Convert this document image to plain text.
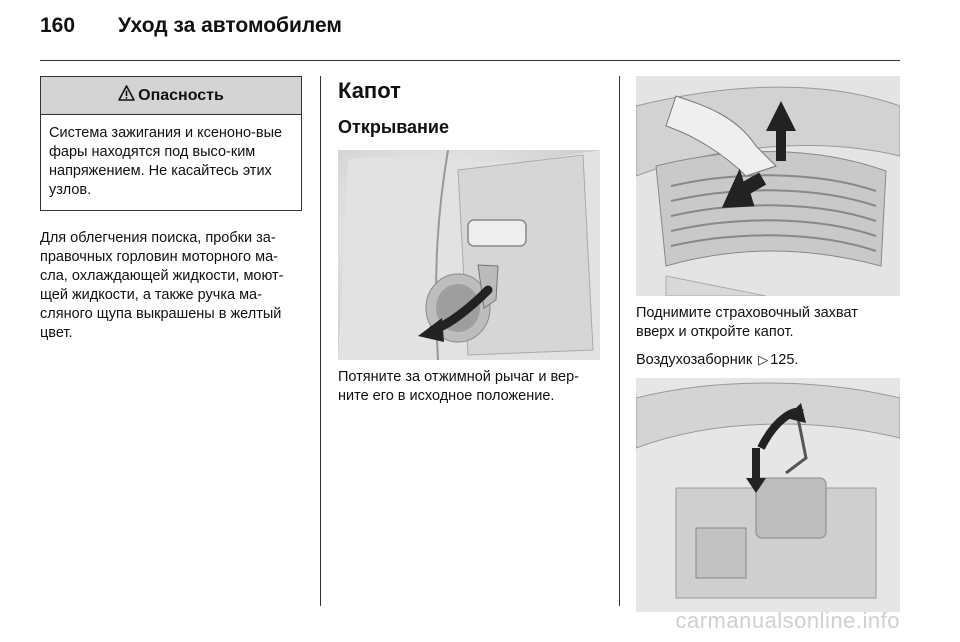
160	Уход за автомобилем
Опасность
Система зажигания и ксеноно-вые фары находятся под высо-ким напряжением. Не касайтесь этих узлов.

Для облегчения поиска, пробки за-правочных горловин моторного ма-сла, охлаждающей жидкости, моют-щей жидкости, а также ручка ма-сляного щупа выкрашены в желтый цвет.

Капот
Открывание

Потяните за отжимной рычаг и вер-ните его в исходное положение.

Поднимите страховочный захват вверх и откройте капот.

Воздухозаборник ▷ 125.

carmanualsonline.info
